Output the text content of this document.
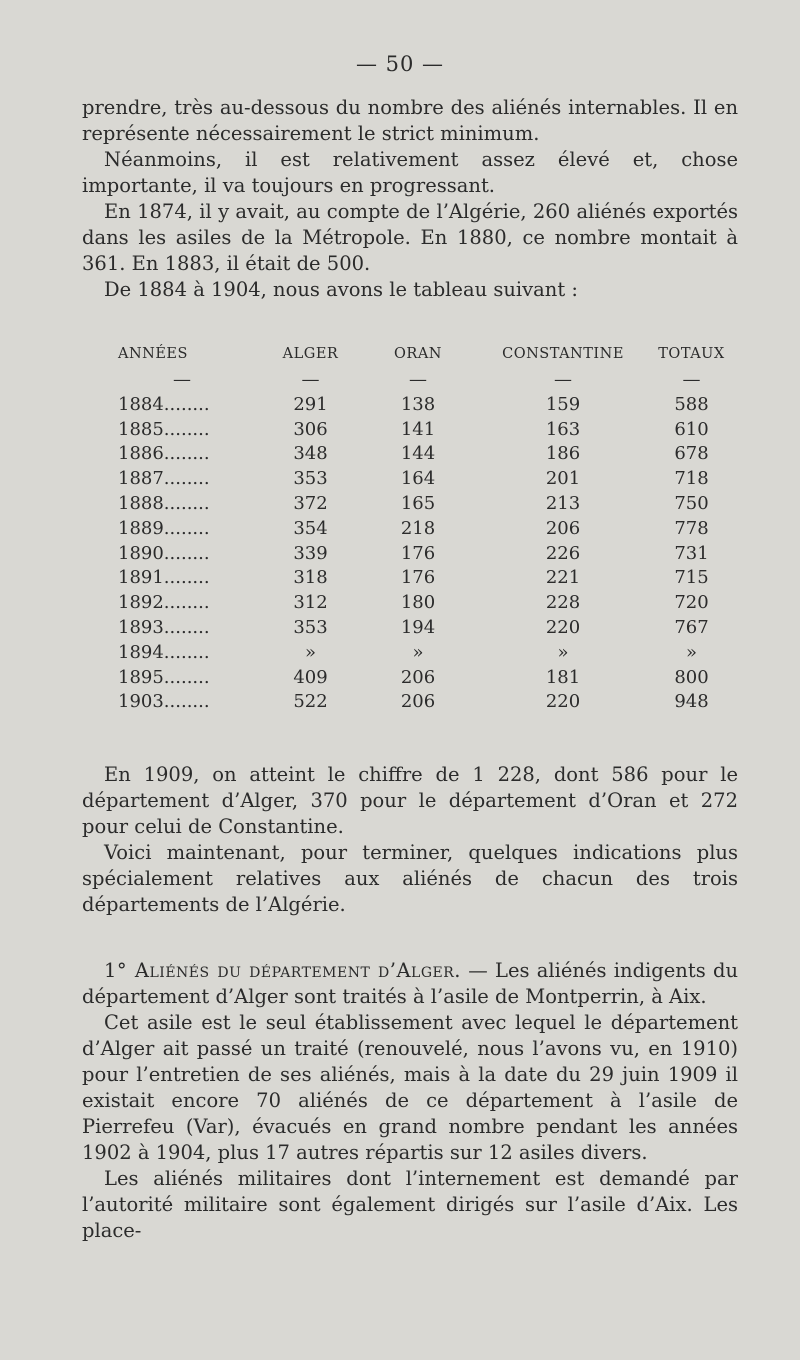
— 50 —

prendre, très au-dessous du nombre des aliénés internables. Il en représente nécessairement le strict minimum.

Néanmoins, il est relativement assez élevé et, chose importante, il va toujours en progressant.

En 1874, il y avait, au compte de l’Algérie, 260 aliénés exportés dans les asiles de la Métropole. En 1880, ce nombre montait à 361. En 1883, il était de 500.

De 1884 à 1904, nous avons le tableau suivant :

ANNÉES	ALGER	ORAN	CONSTANTINE	TOTAUX
—	—	—	—	—
1884........	291	138	159	588
1885........	306	141	163	610
1886........	348	144	186	678
1887........	353	164	201	718
1888........	372	165	213	750
1889........	354	218	206	778
1890........	339	176	226	731
1891........	318	176	221	715
1892........	312	180	228	720
1893........	353	194	220	767
1894........	»	»	»	»
1895........	409	206	181	800
1903........	522	206	220	948

En 1909, on atteint le chiffre de 1 228, dont 586 pour le département d’Alger, 370 pour le département d’Oran et 272 pour celui de Constantine.

Voici maintenant, pour terminer, quelques indications plus spécialement relatives aux aliénés de chacun des trois départements de l’Algérie.

1° Aliénés du département d’Alger. — Les aliénés indigents du département d’Alger sont traités à l’asile de Montperrin, à Aix.

Cet asile est le seul établissement avec lequel le département d’Alger ait passé un traité (renouvelé, nous l’avons vu, en 1910) pour l’entretien de ses aliénés, mais à la date du 29 juin 1909 il existait encore 70 aliénés de ce département à l’asile de Pierrefeu (Var), évacués en grand nombre pendant les années 1902 à 1904, plus 17 autres répartis sur 12 asiles divers.

Les aliénés militaires dont l’internement est demandé par l’autorité militaire sont également dirigés sur l’asile d’Aix. Les place-
